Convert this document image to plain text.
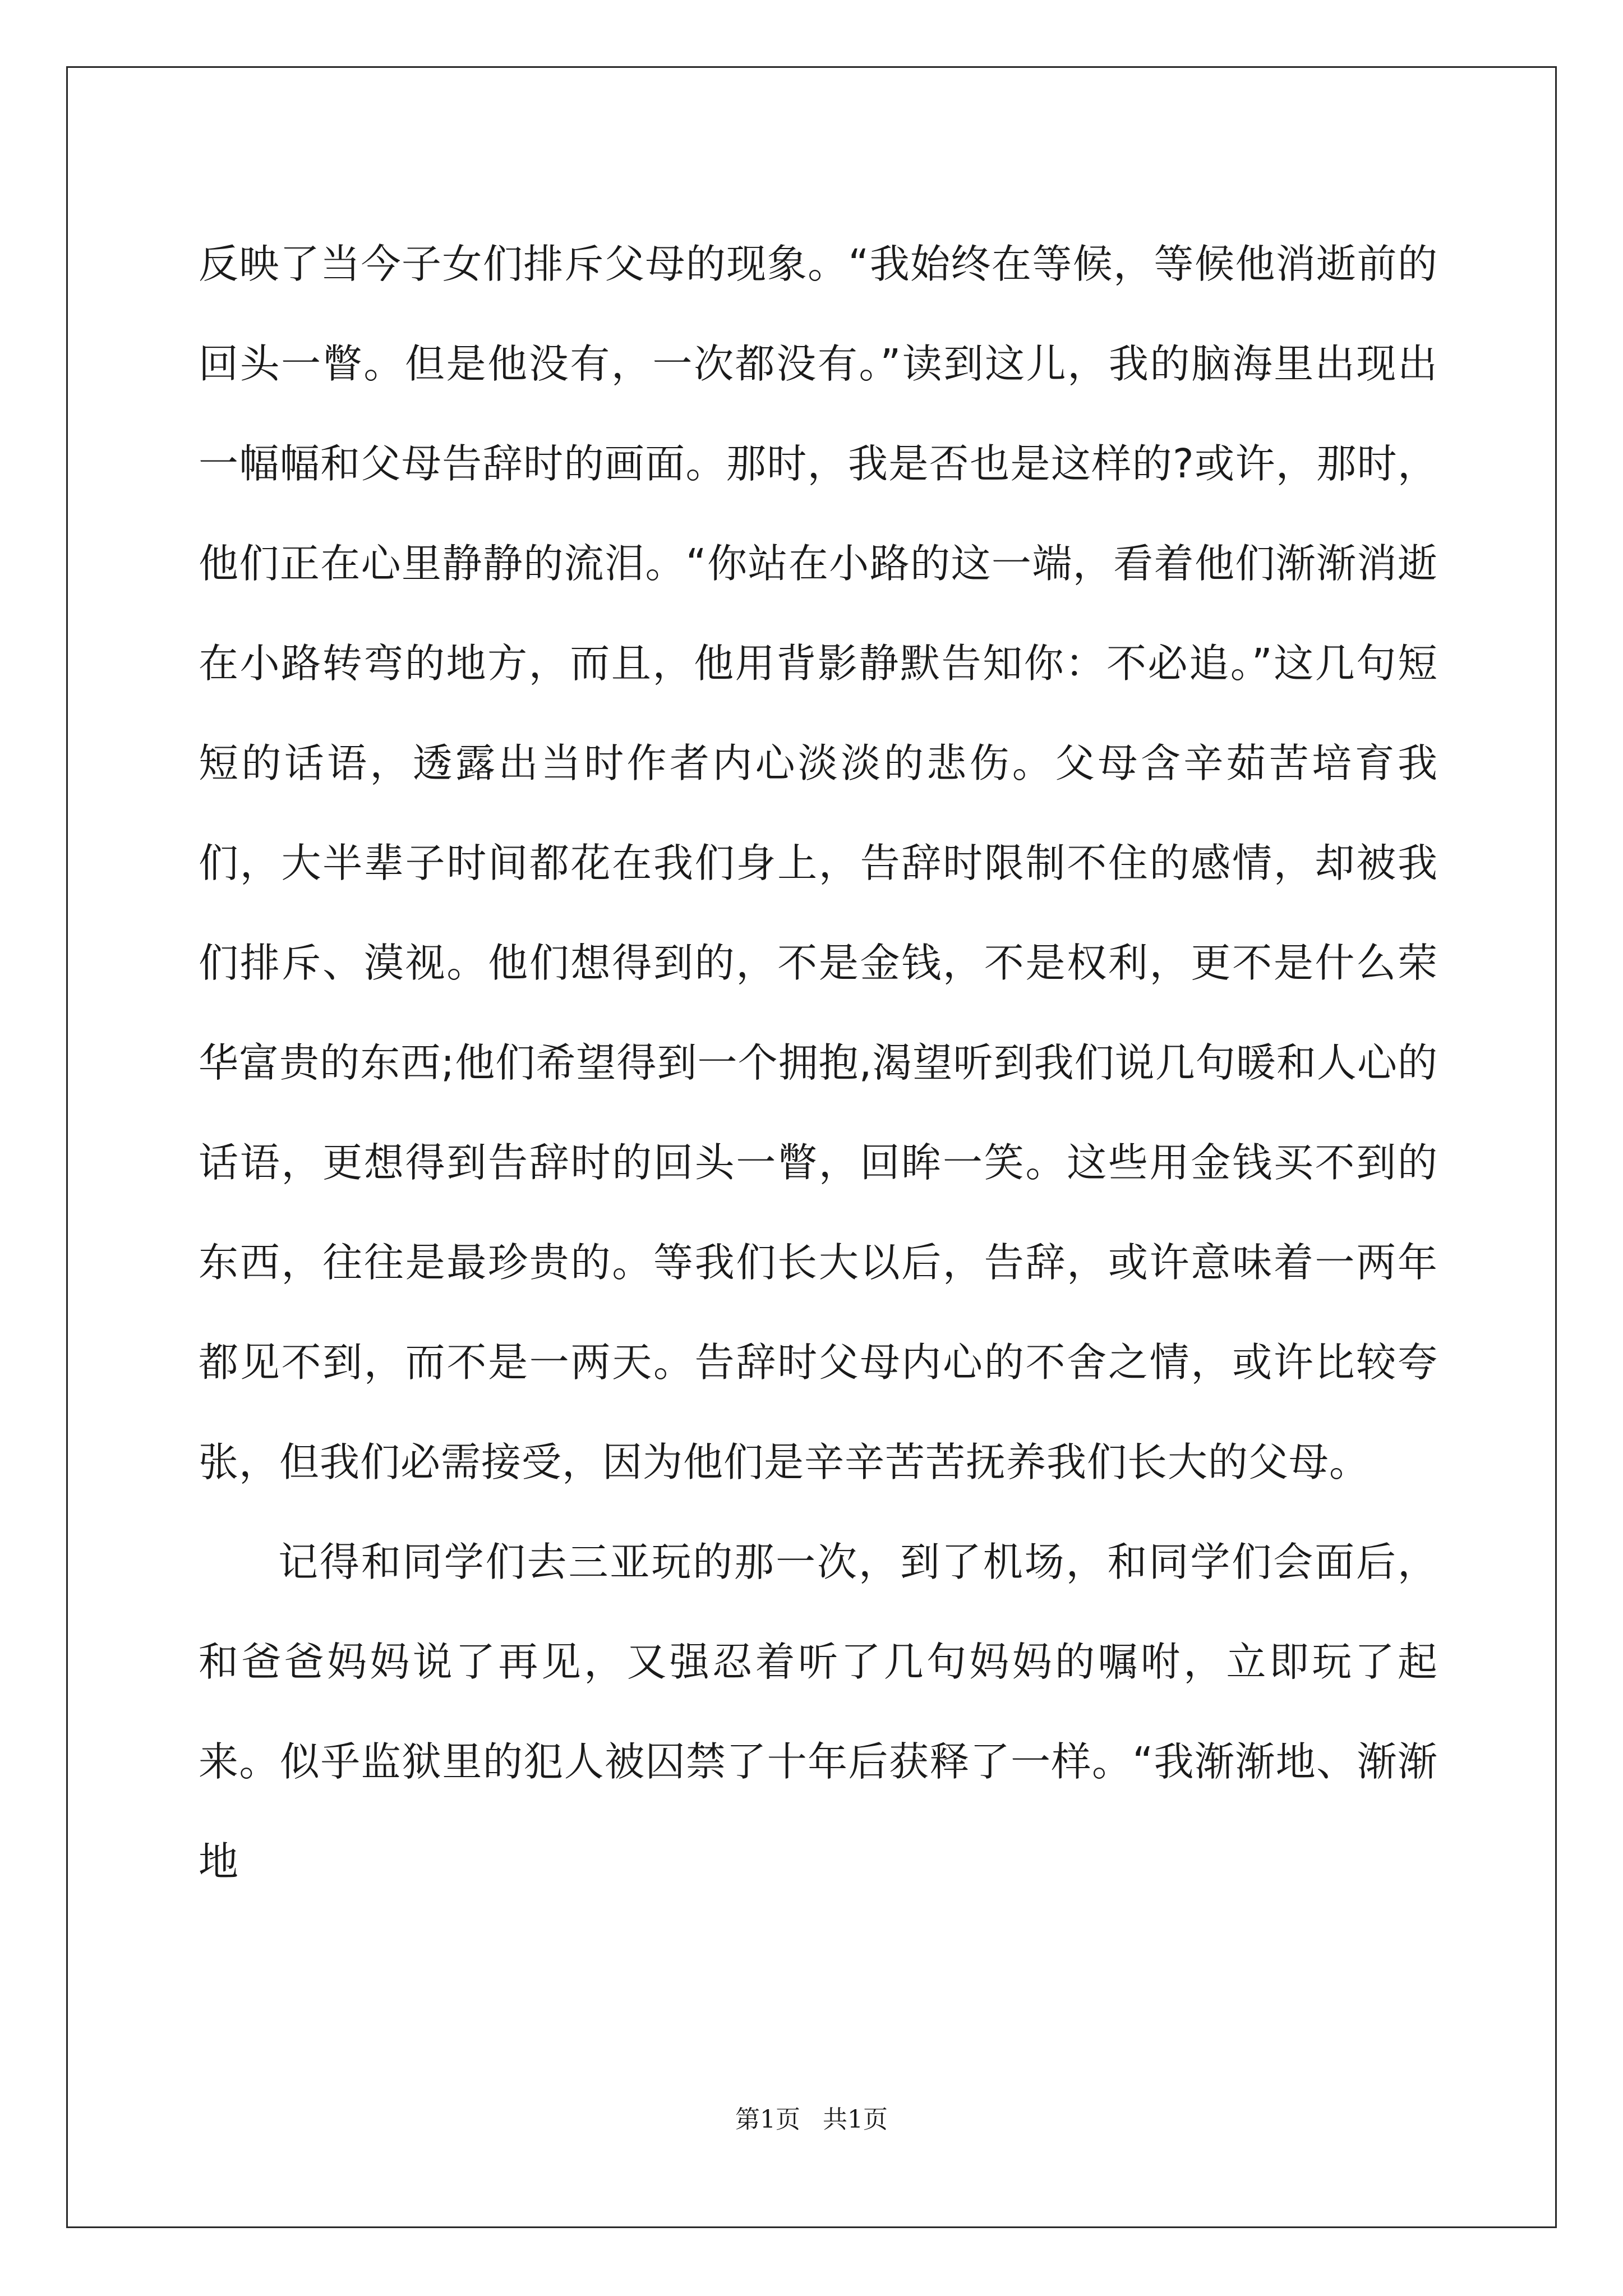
反映了当今子女们排斥父母的现象。“我始终在等候，等候他消逝前的回头一瞥。但是他没有，一次都没有。”读到这儿，我的脑海里出现出一幅幅和父母告辞时的画面。那时，我是否也是这样的?或许，那时，他们正在心里静静的流泪。“你站在小路的这一端，看着他们渐渐消逝在小路转弯的地方，而且，他用背影静默告知你：不必追。”这几句短短的话语，透露出当时作者内心淡淡的悲伤。父母含辛茹苦培育我们，大半辈子时间都花在我们身上，告辞时限制不住的感情，却被我们排斥、漠视。他们想得到的，不是金钱，不是权利，更不是什么荣华富贵的东西;他们希望得到一个拥抱,渴望听到我们说几句暖和人心的话语，更想得到告辞时的回头一瞥，回眸一笑。这些用金钱买不到的东西，往往是最珍贵的。等我们长大以后，告辞，或许意味着一两年都见不到，而不是一两天。告辞时父母内心的不舍之情，或许比较夸张，但我们必需接受，因为他们是辛辛苦苦抚养我们长大的父母。

记得和同学们去三亚玩的那一次，到了机场，和同学们会面后，和爸爸妈妈说了再见，又强忍着听了几句妈妈的嘱咐，立即玩了起来。似乎监狱里的犯人被囚禁了十年后获释了一样。“我渐渐地、渐渐地

第1页 共1页
